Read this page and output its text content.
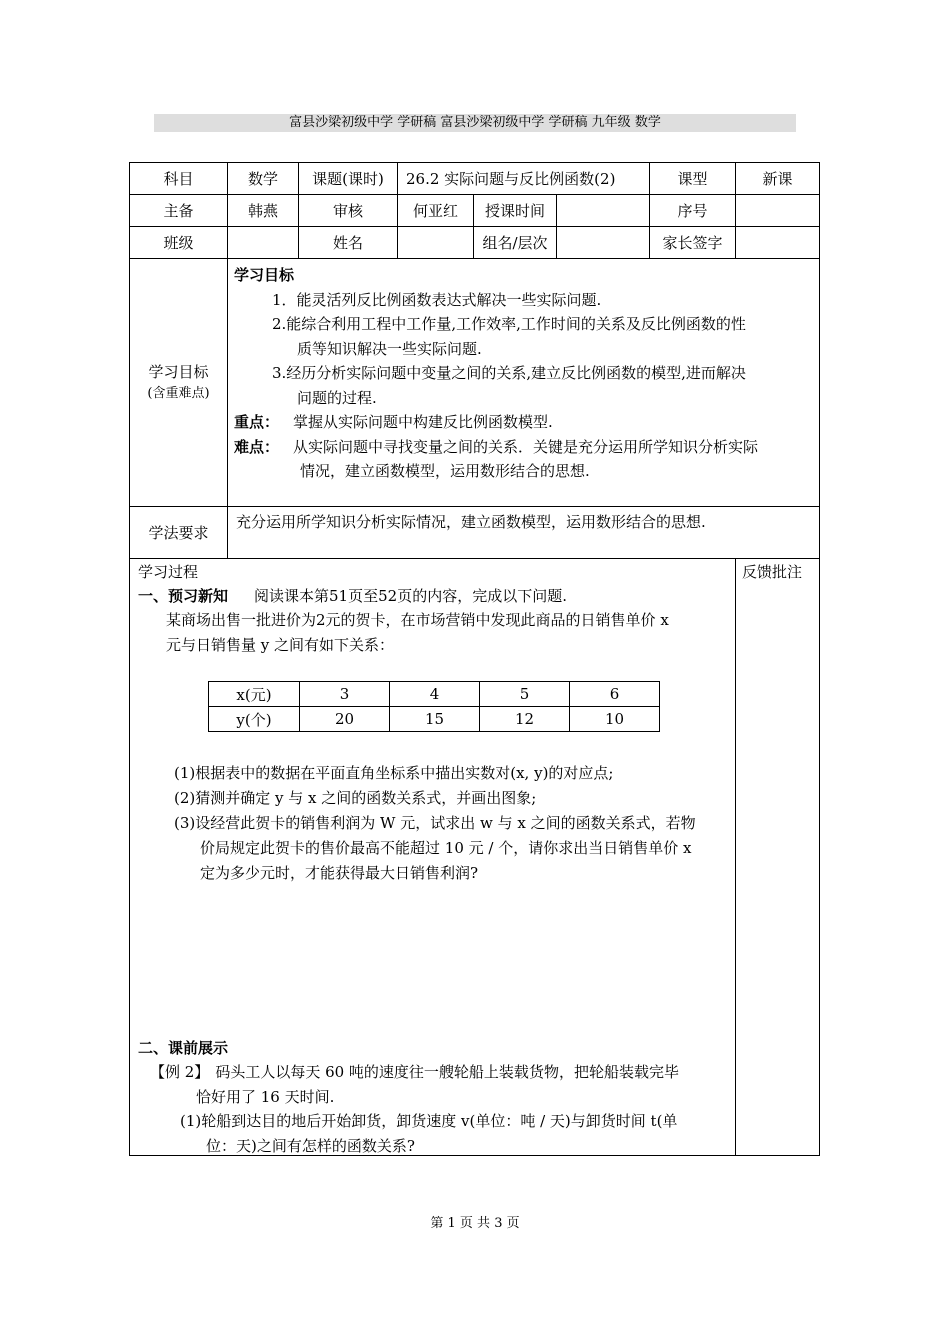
富县沙梁初级中学 学研稿 富县沙梁初级中学 学研稿 九年级 数学
科目	数学	课题(课时)	26.2 实际问题与反比例函数(2)	课型	新课
主备	韩燕	审核	何亚红	授课时间		序号	
班级		姓名		组名/层次		家长签字	

学习目标
(含重难点)

学习目标
1．能灵活列反比例函数表达式解决一些实际问题.
2.能综合利用工程中工作量,工作效率,工作时间的关系及反比例函数的性
质等知识解决一些实际问题.
3.经历分析实际问题中变量之间的关系,建立反比例函数的模型,进而解决
问题的过程.
重点： 掌握从实际问题中构建反比例函数模型.
难点： 从实际问题中寻找变量之间的关系．关键是充分运用所学知识分析实际
情况，建立函数模型，运用数形结合的思想.

学法要求	充分运用所学知识分析实际情况，建立函数模型，运用数形结合的思想.

学习过程
一、预习新知 阅读课本第51页至52页的内容，完成以下问题.
某商场出售一批进价为2元的贺卡，在市场营销中发现此商品的日销售单价 x
元与日销售量 y 之间有如下关系：
x(元)	3	4	5	6
y(个)	20	15	12	10
(1)根据表中的数据在平面直角坐标系中描出实数对(x, y)的对应点;
(2)猜测并确定 y 与 x 之间的函数关系式，并画出图象;
(3)设经营此贺卡的销售利润为 W 元，试求出 w 与 x 之间的函数关系式，若物
价局规定此贺卡的售价最高不能超过 10 元 / 个，请你求出当日销售单价 x
定为多少元时，才能获得最大日销售利润?
二、课前展示
【例 2】 码头工人以每天 60 吨的速度往一艘轮船上装载货物，把轮船装载完毕
恰好用了 16 天时间.
(1)轮船到达目的地后开始卸货，卸货速度 v(单位：吨 / 天)与卸货时间 t(单
位：天)之间有怎样的函数关系?
	反馈批注
第 1 页 共 3 页
